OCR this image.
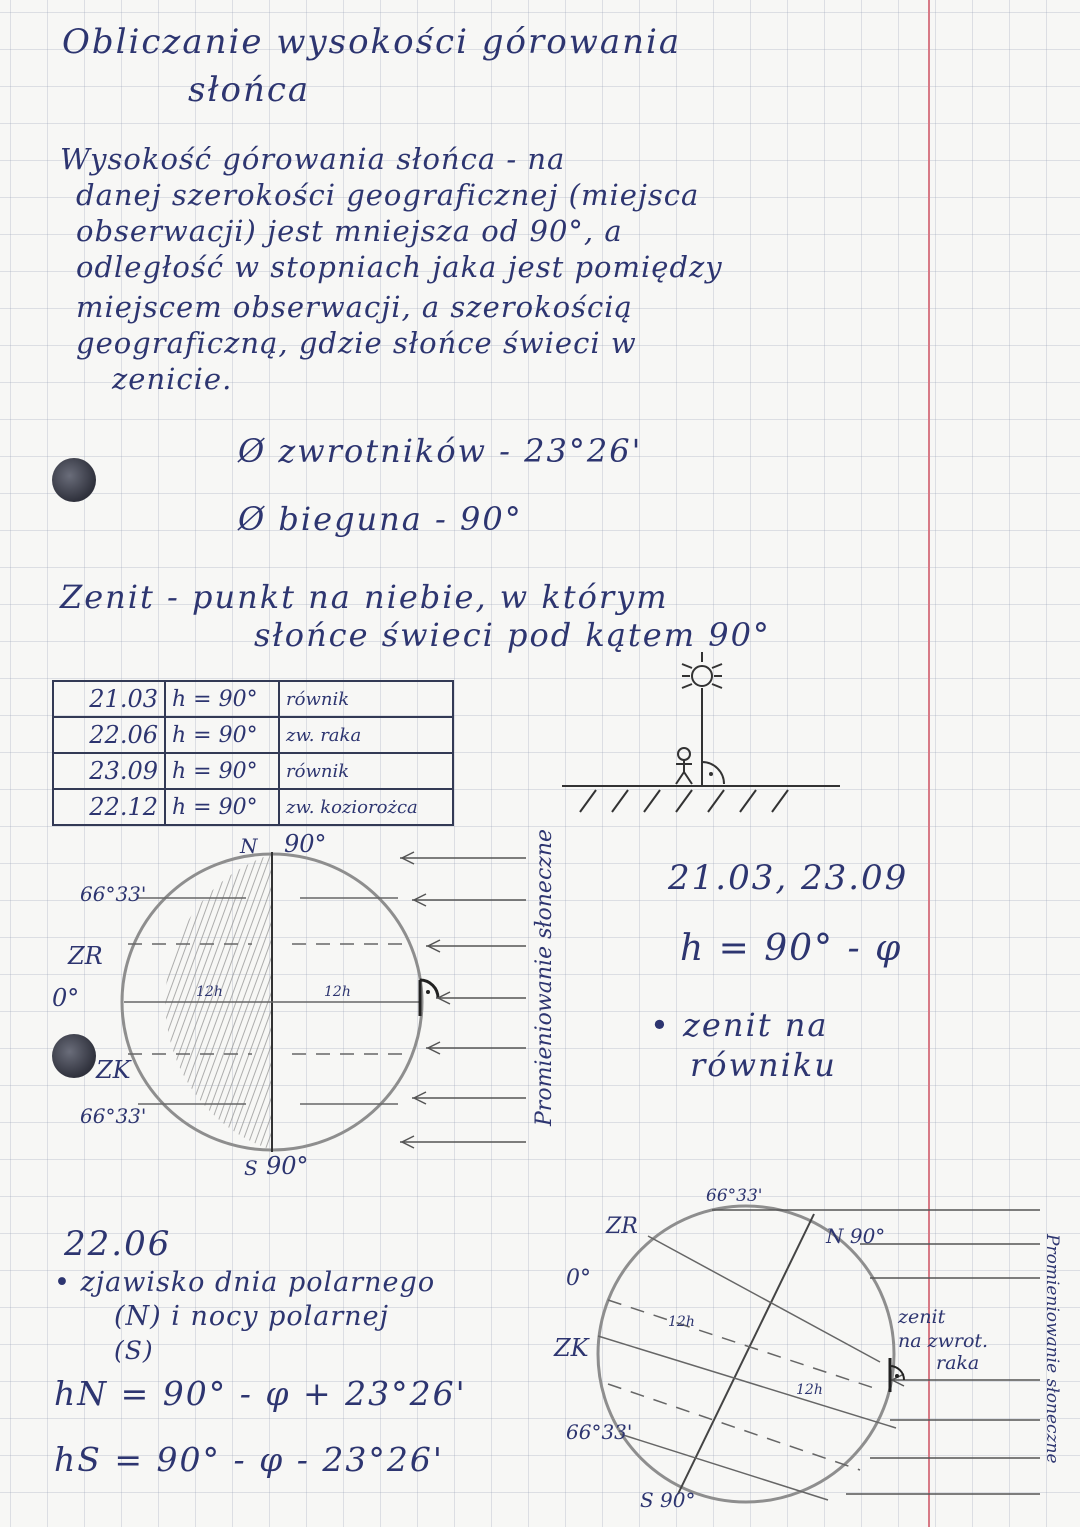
Obliczanie wysokości górowania
słońca
Wysokość górowania słońca - na
danej szerokości geograficznej (miejsca
obserwacji) jest mniejsza od 90°, a
odległość w stopniach jaka jest pomiędzy
miejscem obserwacji, a szerokością
geograficzną, gdzie słońce świeci w
zenicie.
Ø zwrotników - 23°26'
Ø bieguna - 90°
Zenit - punkt na niebie, w którym
słońce świeci pod kątem 90°
21.03	h = 90°	równik
22.06	h = 90°	zw. raka
23.09	h = 90°	równik
22.12	h = 90°	zw. koziorożca
N 90°
66°33'
ZR
0°
ZK
66°33'
12h	12h
S 90°
Promieniowanie słoneczne	21.03, 23.09
h = 90° - φ
• zenit na
równiku
22.06
• zjawisko dnia polarnego
(N) i nocy polarnej
(S)
hN = 90° - φ + 23°26'
hS = 90° - φ - 23°26'
66°33'
ZR	N 90°
0°
ZK
12h
12h
66°33'
S 90°
zenit
na zwrot.
raka	Promieniowanie słoneczne
